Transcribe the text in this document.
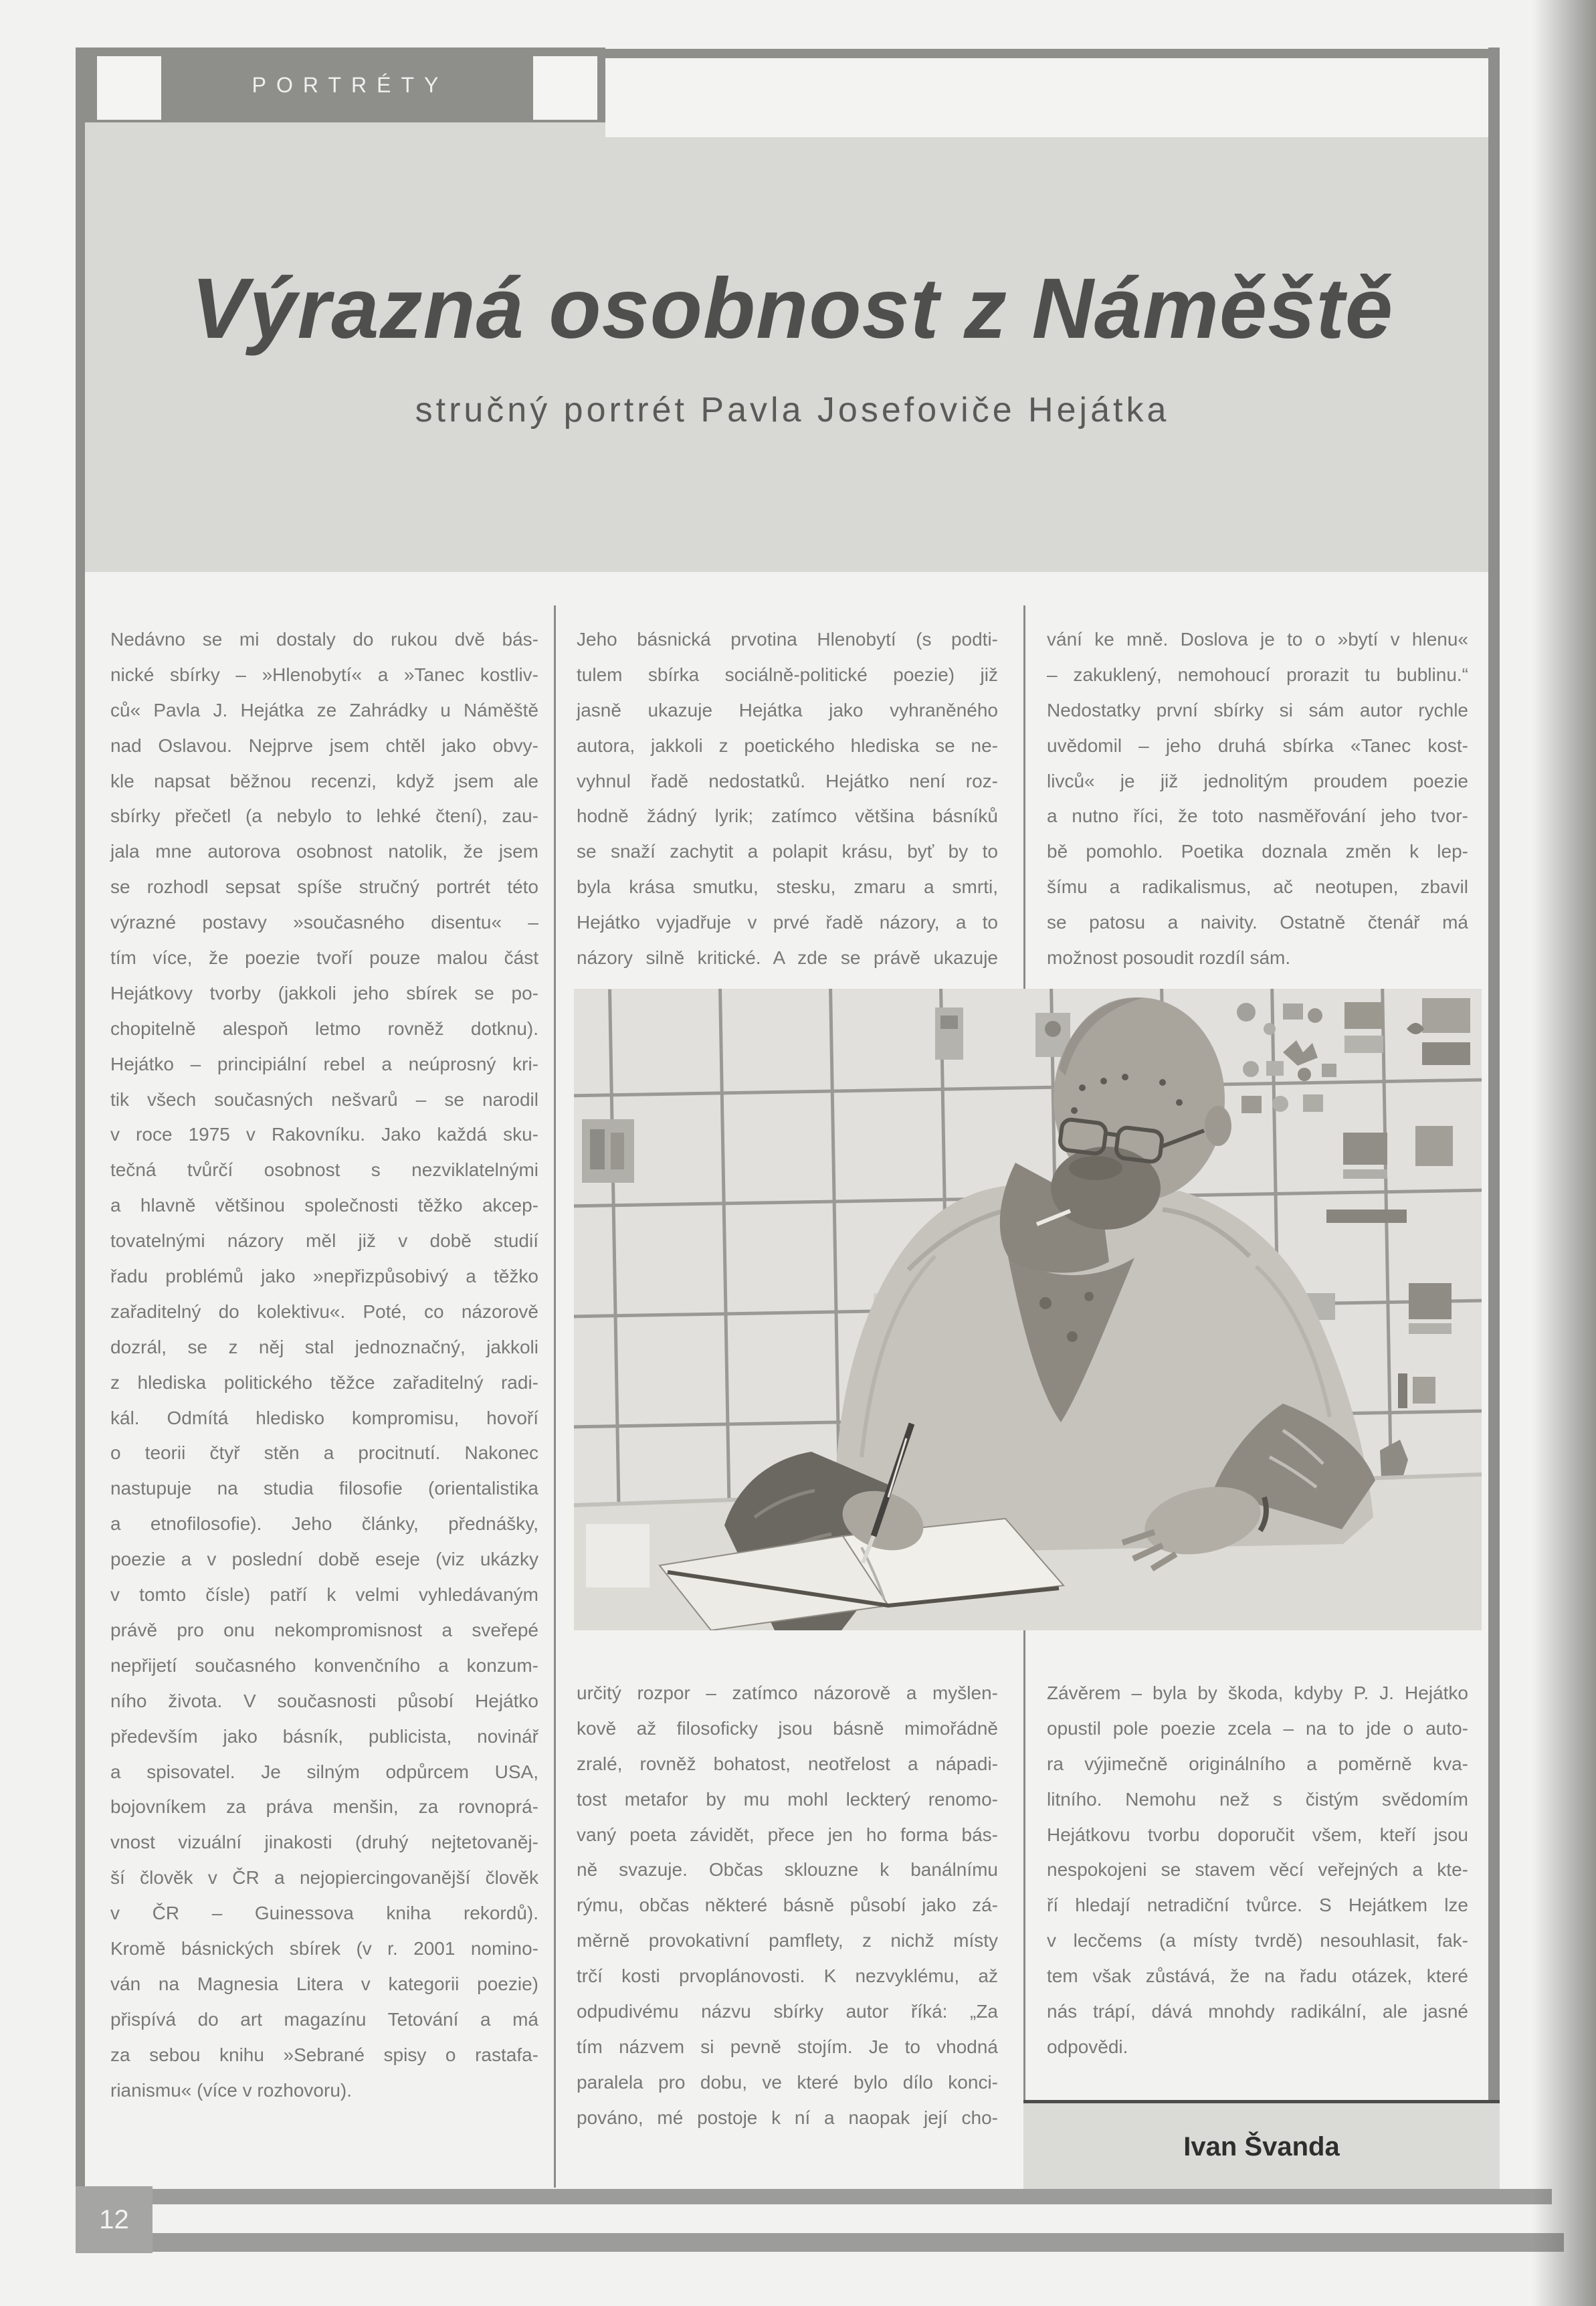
Výrazná osobnost z Náměště
stručný portrét Pavla Josefoviče Hejátka
PORTRÉTY
Nedávno se mi dostaly do rukou dvě bás-
nické sbírky – »Hlenobytí« a »Tanec kostliv-
ců« Pavla J. Hejátka ze Zahrádky u Náměště
nad Oslavou. Nejprve jsem chtěl jako obvy-
kle napsat běžnou recenzi, když jsem ale
sbírky přečetl (a nebylo to lehké čtení), zau-
jala mne autorova osobnost natolik, že jsem
se rozhodl sepsat spíše stručný portrét této
výrazné postavy »současného disentu« –
tím více, že poezie tvoří pouze malou část
Hejátkovy tvorby (jakkoli jeho sbírek se po-
chopitelně alespoň letmo rovněž dotknu).
Hejátko – principiální rebel a neúprosný kri-
tik všech současných nešvarů – se narodil
v roce 1975 v Rakovníku. Jako každá sku-
tečná tvůrčí osobnost s nezviklatelnými
a hlavně většinou společnosti těžko akcep-
tovatelnými názory měl již v době studií
řadu problémů jako »nepřizpůsobivý a těžko
zařaditelný do kolektivu«. Poté, co názorově
dozrál, se z něj stal jednoznačný, jakkoli
z hlediska politického těžce zařaditelný radi-
kál. Odmítá hledisko kompromisu, hovoří
o teorii čtyř stěn a procitnutí. Nakonec
nastupuje na studia filosofie (orientalistika
a etnofilosofie). Jeho články, přednášky,
poezie a v poslední době eseje (viz ukázky
v tomto čísle) patří k velmi vyhledávaným
právě pro onu nekompromisnost a sveřepé
nepřijetí současného konvenčního a konzum-
ního života. V současnosti působí Hejátko
především jako básník, publicista, novinář
a spisovatel. Je silným odpůrcem USA,
bojovníkem za práva menšin, za rovnoprá-
vnost vizuální jinakosti (druhý nejtetovaněj-
ší člověk v ČR a nejopiercingovanější člověk
v ČR – Guinessova kniha rekordů).
Kromě básnických sbírek (v r. 2001 nomino-
ván na Magnesia Litera v kategorii poezie)
přispívá do art magazínu Tetování a má
za sebou knihu »Sebrané spisy o rastafa-
rianismu« (více v rozhovoru).
Jeho básnická prvotina Hlenobytí (s podti-
tulem sbírka sociálně-politické poezie) již
jasně ukazuje Hejátka jako vyhraněného
autora, jakkoli z poetického hlediska se ne-
vyhnul řadě nedostatků. Hejátko není roz-
hodně žádný lyrik; zatímco většina básníků
se snaží zachytit a polapit krásu, byť by to
byla krása smutku, stesku, zmaru a smrti,
Hejátko vyjadřuje v prvé řadě názory, a to
názory silně kritické. A zde se právě ukazuje
vání ke mně. Doslova je to o »bytí v hlenu«
– zakuklený, nemohoucí prorazit tu bublinu.“
Nedostatky první sbírky si sám autor rychle
uvědomil – jeho druhá sbírka «Tanec kost-
livců« je již jednolitým proudem poezie
a nutno říci, že toto nasměřování jeho tvor-
bě pomohlo. Poetika doznala změn k lep-
šímu a radikalismus, ač neotupen, zbavil
se patosu a naivity. Ostatně čtenář má
možnost posoudit rozdíl sám.
určitý rozpor – zatímco názorově a myšlen-
kově až filosoficky jsou básně mimořádně
zralé, rovněž bohatost, neotřelost a nápadi-
tost metafor by mu mohl leckterý renomo-
vaný poeta závidět, přece jen ho forma bás-
ně svazuje. Občas sklouzne k banálnímu
rýmu, občas některé básně působí jako zá-
měrně provokativní pamflety, z nichž místy
trčí kosti prvoplánovosti. K nezvyklému, až
odpudivému názvu sbírky autor říká: „Za
tím názvem si pevně stojím. Je to vhodná
paralela pro dobu, ve které bylo dílo konci-
pováno, mé postoje k ní a naopak její cho-
Závěrem – byla by škoda, kdyby P. J. Hejátko
opustil pole poezie zcela – na to jde o auto-
ra výjimečně originálního a poměrně kva-
litního. Nemohu než s čistým svědomím
Hejátkovu tvorbu doporučit všem, kteří jsou
nespokojeni se stavem věcí veřejných a kte-
ří hledají netradiční tvůrce. S Hejátkem lze
v lecčems (a místy tvrdě) nesouhlasit, fak-
tem však zůstává, že na řadu otázek, které
nás trápí, dává mnohdy radikální, ale jasné
odpovědi.
Ivan Švanda
12
